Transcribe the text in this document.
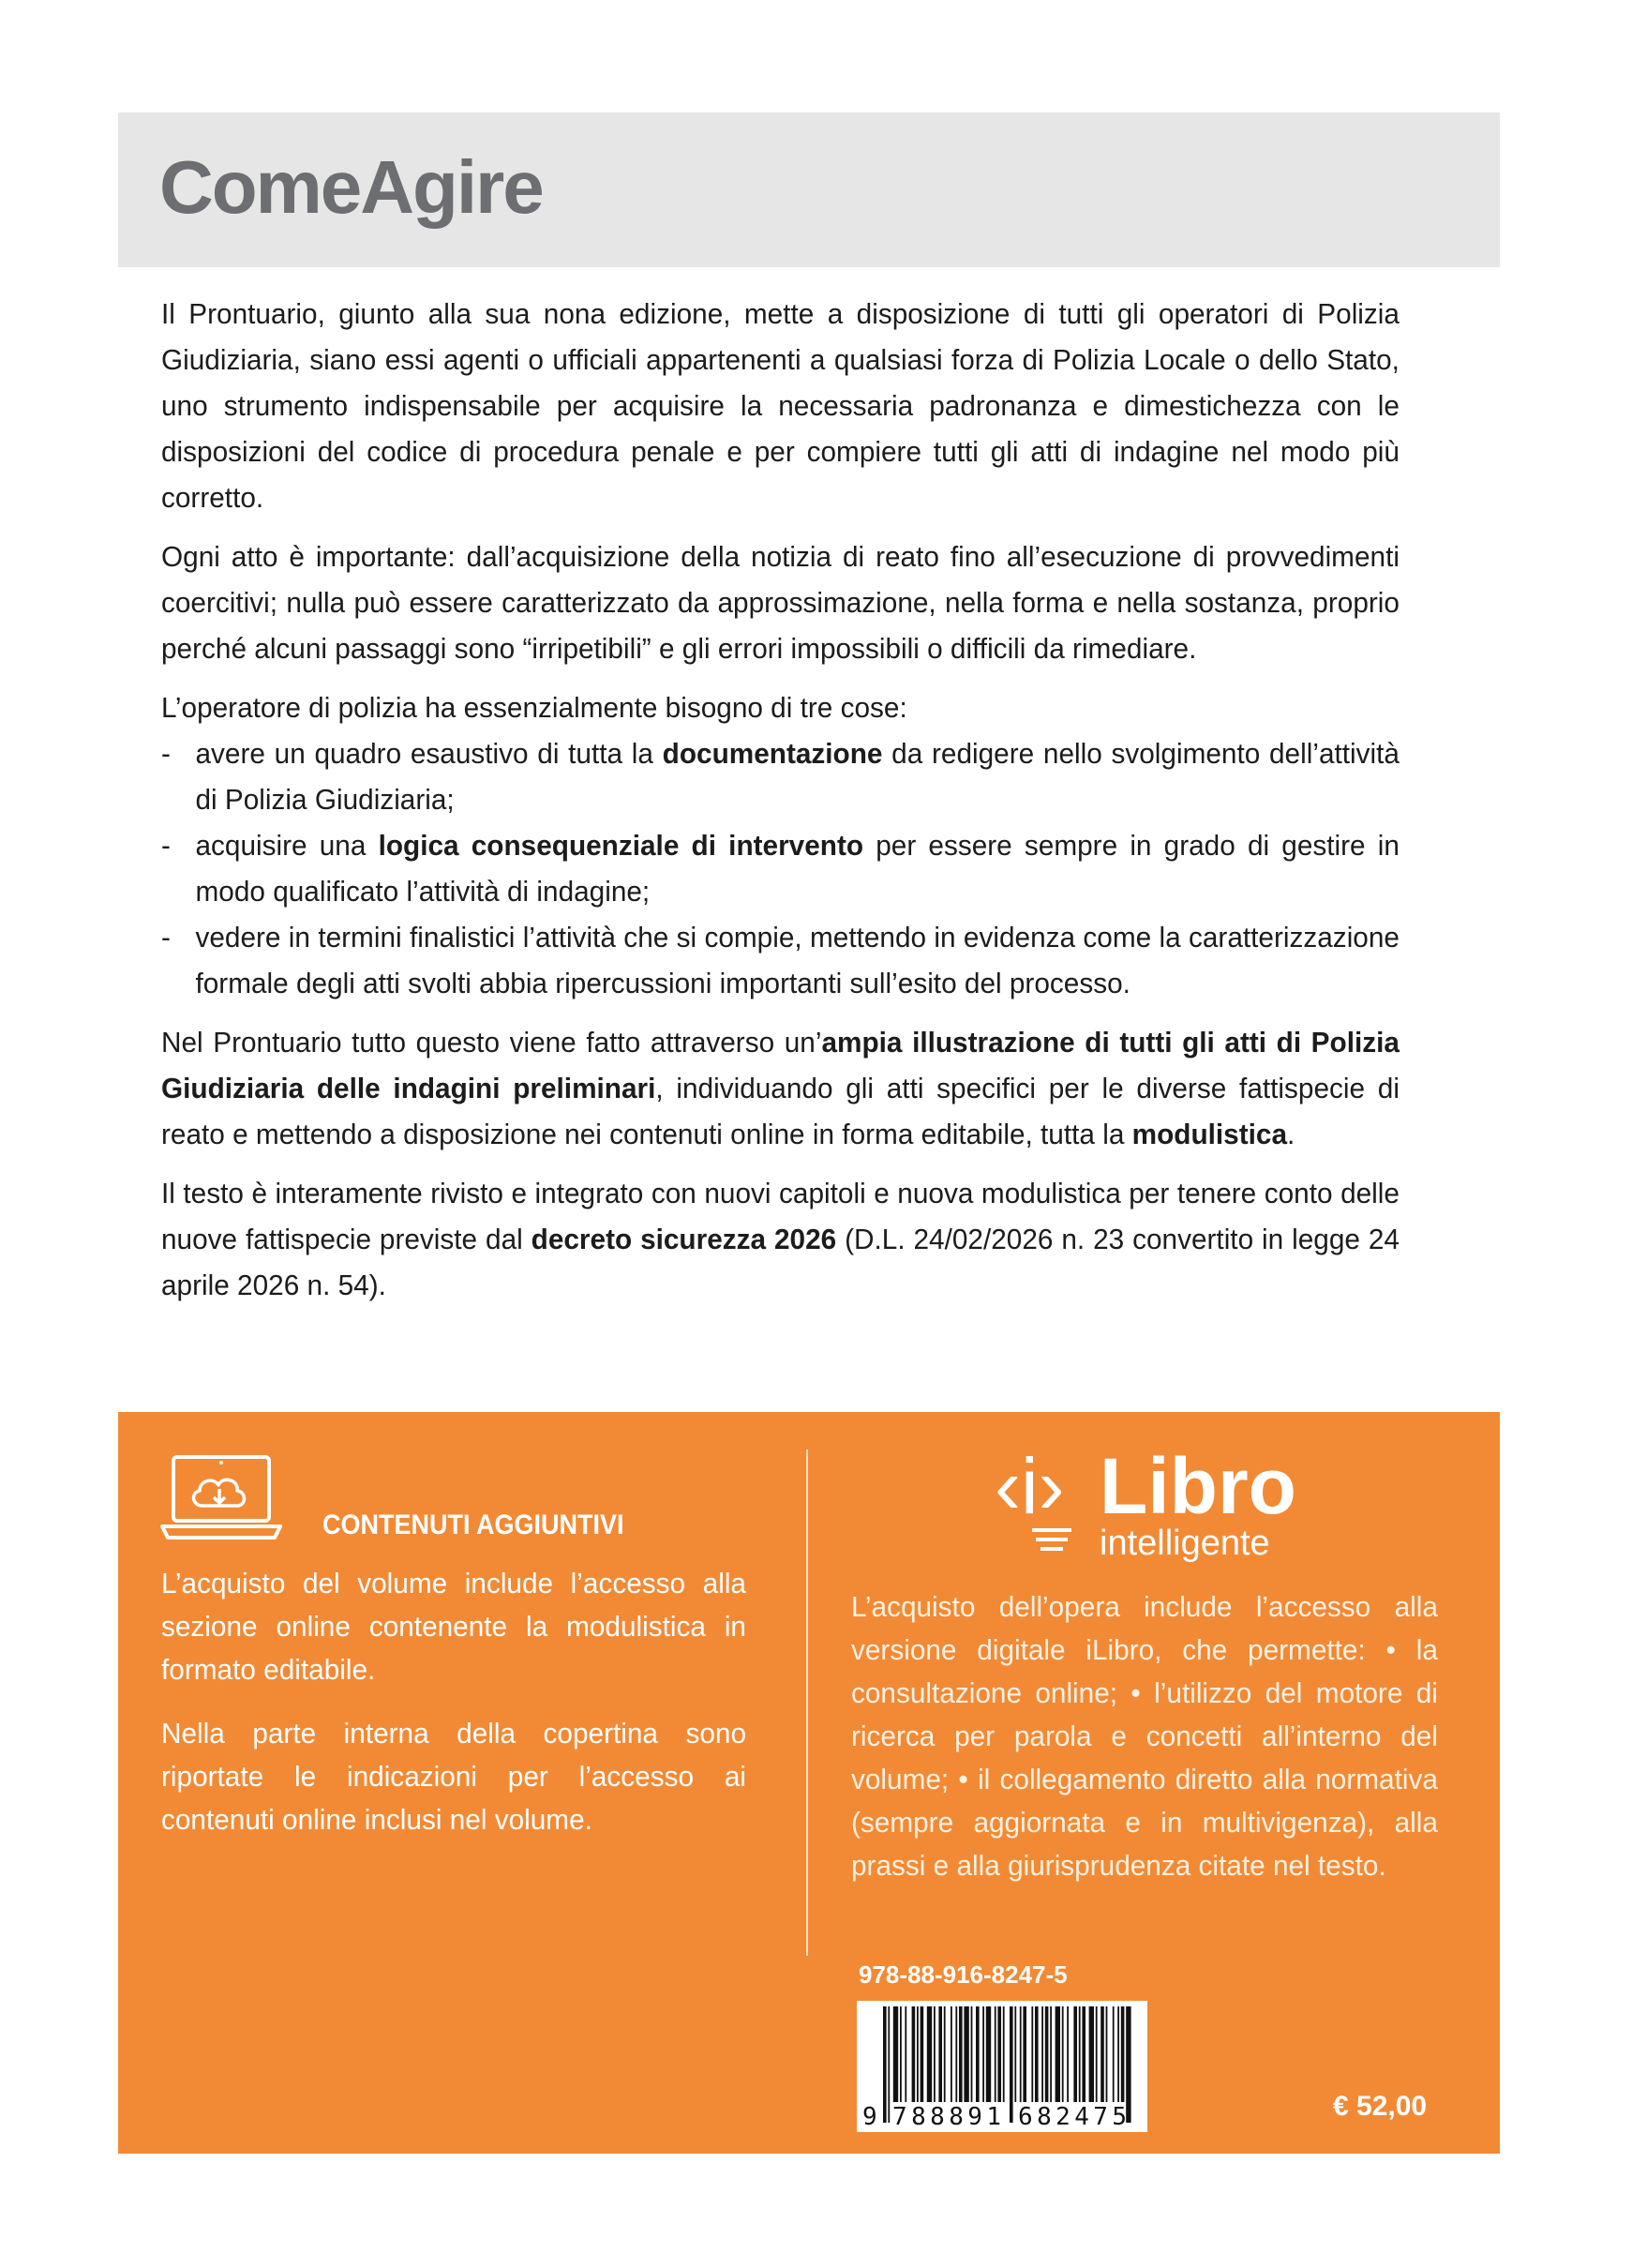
ComeAgire

Il Prontuario, giunto alla sua nona edizione, mette a disposizione di tutti gli operatori di Polizia Giudiziaria, siano essi agenti o ufficiali appartenenti a qualsiasi forza di Polizia Locale o dello Stato, uno strumento indispensabile per acquisire la necessaria padronanza e dimestichezza con le disposizioni del codice di procedura penale e per compiere tutti gli atti di indagine nel modo più corretto.

Ogni atto è importante: dall’acquisizione della notizia di reato fino all’esecuzione di provvedimenti coercitivi; nulla può essere caratterizzato da approssimazione, nella forma e nella sostanza, proprio perché alcuni passaggi sono “irripetibili” e gli errori impossibili o difficili da rimediare.

L’operatore di polizia ha essenzialmente bisogno di tre cose:

- avere un quadro esaustivo di tutta la documentazione da redigere nello svolgimento dell’attività di Polizia Giudiziaria;
- acquisire una logica consequenziale di intervento per essere sempre in grado di gestire in modo qualificato l’attività di indagine;
- vedere in termini finalistici l’attività che si compie, mettendo in evidenza come la caratterizzazione formale degli atti svolti abbia ripercussioni importanti sull’esito del processo.

Nel Prontuario tutto questo viene fatto attraverso un’ampia illustrazione di tutti gli atti di Polizia Giudiziaria delle indagini preliminari, individuando gli atti specifici per le diverse fattispecie di reato e mettendo a disposizione nei contenuti online in forma editabile, tutta la modulistica.

Il testo è interamente rivisto e integrato con nuovi capitoli e nuova modulistica per tenere conto delle nuove fattispecie previste dal decreto sicurezza 2026 (D.L. 24/02/2026 n. 23 convertito in legge 24 aprile 2026 n. 54).

CONTENUTI AGGIUNTIVI

L’acquisto del volume include l’accesso alla sezione online contenente la modulistica in formato editabile.

Nella parte interna della copertina sono riportate le indicazioni per l’accesso ai contenuti online inclusi nel volume.

‹i› Libro
intelligente

L’acquisto dell’opera include l’accesso alla versione digitale iLibro, che permette: • la consultazione online; • l’utilizzo del motore di ricerca per parola e concetti all’interno del volume; • il collegamento diretto alla normativa (sempre aggiornata e in multivigenza), alla prassi e alla giurisprudenza citate nel testo.

978-88-916-8247-5

9 788891 682475	€ 52,00
